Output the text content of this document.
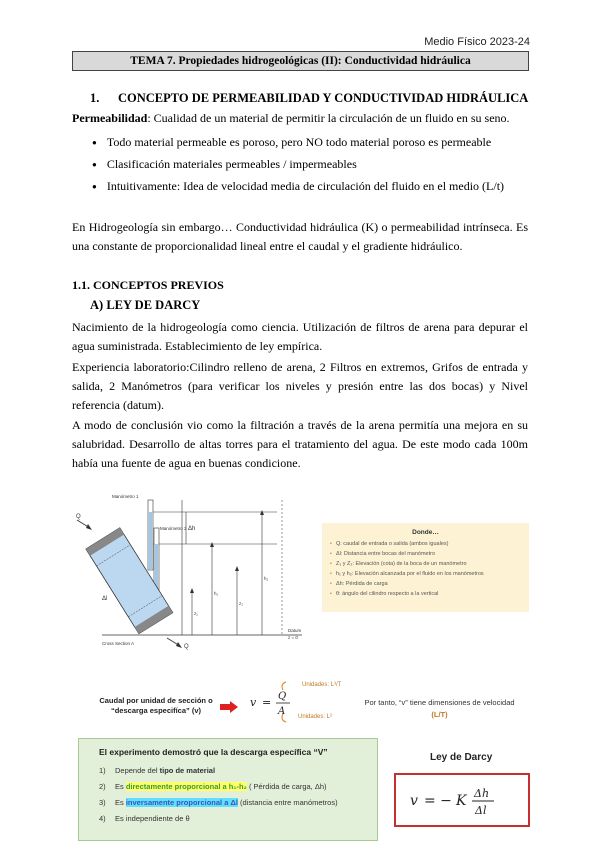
Medio Físico 2023-24
TEMA 7. Propiedades hidrogeológicas (II): Conductividad hidráulica
1. CONCEPTO DE PERMEABILIDAD Y CONDUCTIVIDAD HIDRÁULICA
Permeabilidad: Cualidad de un material de permitir la circulación de un fluido en su seno.
● Todo material permeable es poroso, pero NO todo material poroso es permeable
● Clasificación materiales permeables / impermeables
● Intuitivamente: Idea de velocidad media de circulación del fluido en el medio (L/t)
En Hidrogeología sin embargo… Conductividad hidráulica (K) o permeabilidad intrínseca. Es una constante de proporcionalidad lineal entre el caudal y el gradiente hidráulico.
1.1. CONCEPTOS PREVIOS
A) LEY DE DARCY
Nacimiento de la hidrogeología como ciencia. Utilización de filtros de arena para depurar el agua suministrada. Establecimiento de ley empírica.
Experiencia laboratorio:Cilindro relleno de arena, 2 Filtros en extremos, Grifos de entrada y salida, 2 Manómetros (para verificar los niveles y presión entre las dos bocas) y Nivel referencia (datum).
A modo de conclusión vio como la filtración a través de la arena permitía una mejora en su salubridad. Desarrollo de altas torres para el tratamiento del agua. De este modo cada 100m había una fuente de agua en buenas condicione.
Manómetro 1
Manómetro 2 Δh
Δl
Q
Q
Cross Section A
Datum
z = 0
z₁
h₁
z₂
h₂
Donde…
▪ Q: caudal de entrada o salida (ambos iguales)
▪ Δl: Distancia entre bocas del manómetro
▪ Z₁ y Z₂: Elevación (cota) de la boca de un manómetro
▪ h₁ y h₂: Elevación alcanzada por el fluido en los manómetros
▪ Δh: Pérdida de carga
▪ θ: ángulo del cilindro respecto a la vertical
Caudal por unidad de sección o “descarga especifíca” (v)
v = Q
A
Unidades: L³/T
Unidades: L²
Por tanto, “v” tiene dimensiones de velocidad
(L/T)
El experimento demostró que la descarga específica “V”
1) Depende del tipo de material
2) Es directamente proporcional a h₁-h₂ ( Pérdida de carga, Δh)
3) Es inversamente proporcional a Δl (distancia entre manómetros)
4) Es independiente de θ
Ley de Darcy
v = − K Δh
Δl
